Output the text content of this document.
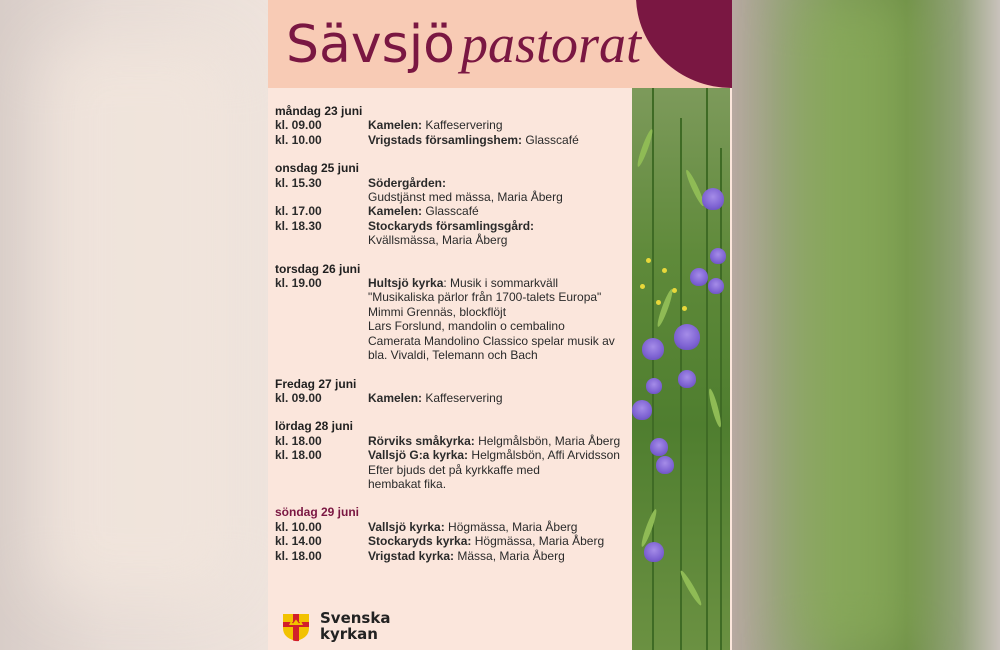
Sävsjö pastorat
måndag 23 juni
kl. 09.00	Kamelen: Kaffeservering
kl. 10.00	Vrigstads församlingshem: Glasscafé
onsdag 25 juni
kl. 15.30	Södergården:
Gudstjänst med mässa, Maria Åberg
kl. 17.00	Kamelen: Glasscafé
kl. 18.30	Stockaryds församlingsgård:
Kvällsmässa, Maria Åberg
torsdag 26 juni
kl. 19.00	Hultsjö kyrka: Musik i sommarkväll
"Musikaliska pärlor från 1700-talets Europa"
Mimmi Grennäs, blockflöjt
Lars Forslund, mandolin o cembalino
Camerata Mandolino Classico spelar musik av
bla. Vivaldi, Telemann och Bach
Fredag 27 juni
kl. 09.00	Kamelen: Kaffeservering
lördag 28 juni
kl. 18.00	Rörviks småkyrka: Helgmålsbön, Maria Åberg
kl. 18.00	Vallsjö G:a kyrka: Helgmålsbön, Affi Arvidsson
Efter bjuds det på kyrkkaffe med
hembakat fika.
söndag 29 juni
kl. 10.00	Vallsjö kyrka: Högmässa, Maria Åberg
kl. 14.00	Stockaryds kyrka: Högmässa, Maria Åberg
kl. 18.00	Vrigstad kyrka: Mässa, Maria Åberg
Svenska
kyrkan
